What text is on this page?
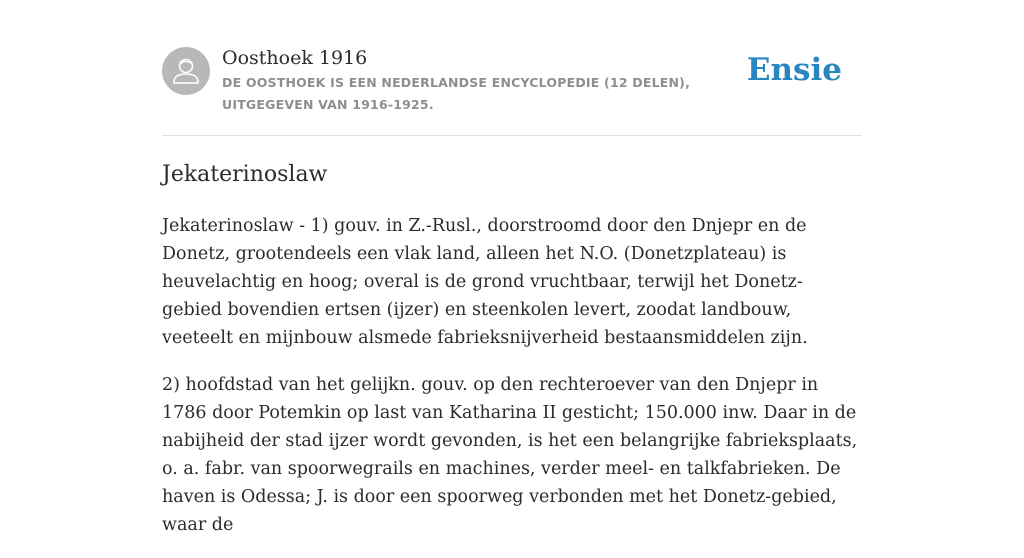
Oosthoek 1916
DE OOSTHOEK IS EEN NEDERLANDSE ENCYCLOPEDIE (12 DELEN), UITGEGEVEN VAN 1916-1925.
Ensie
Jekaterinoslaw

Jekaterinoslaw - 1) gouv. in Z.-Rusl., doorstroomd door den Dnjepr en de Donetz, grootendeels een vlak land, alleen het N.O. (Donetzplateau) is heuvelachtig en hoog; overal is de grond vruchtbaar, terwijl het Donetz-gebied bovendien ertsen (ijzer) en steenkolen levert, zoodat landbouw, veeteelt en mijnbouw alsmede fabrieksnijverheid bestaansmiddelen zijn.

2) hoofdstad van het gelijkn. gouv. op den rechteroever van den Dnjepr in 1786 door Potemkin op last van Katharina II gesticht; 150.000 inw. Daar in de nabijheid der stad ijzer wordt gevonden, is het een belangrijke fabrieksplaats, o. a. fabr. van spoorwegrails en machines, verder meel- en talkfabrieken. De haven is Odessa; J. is door een spoorweg verbonden met het Donetz-gebied, waar de
